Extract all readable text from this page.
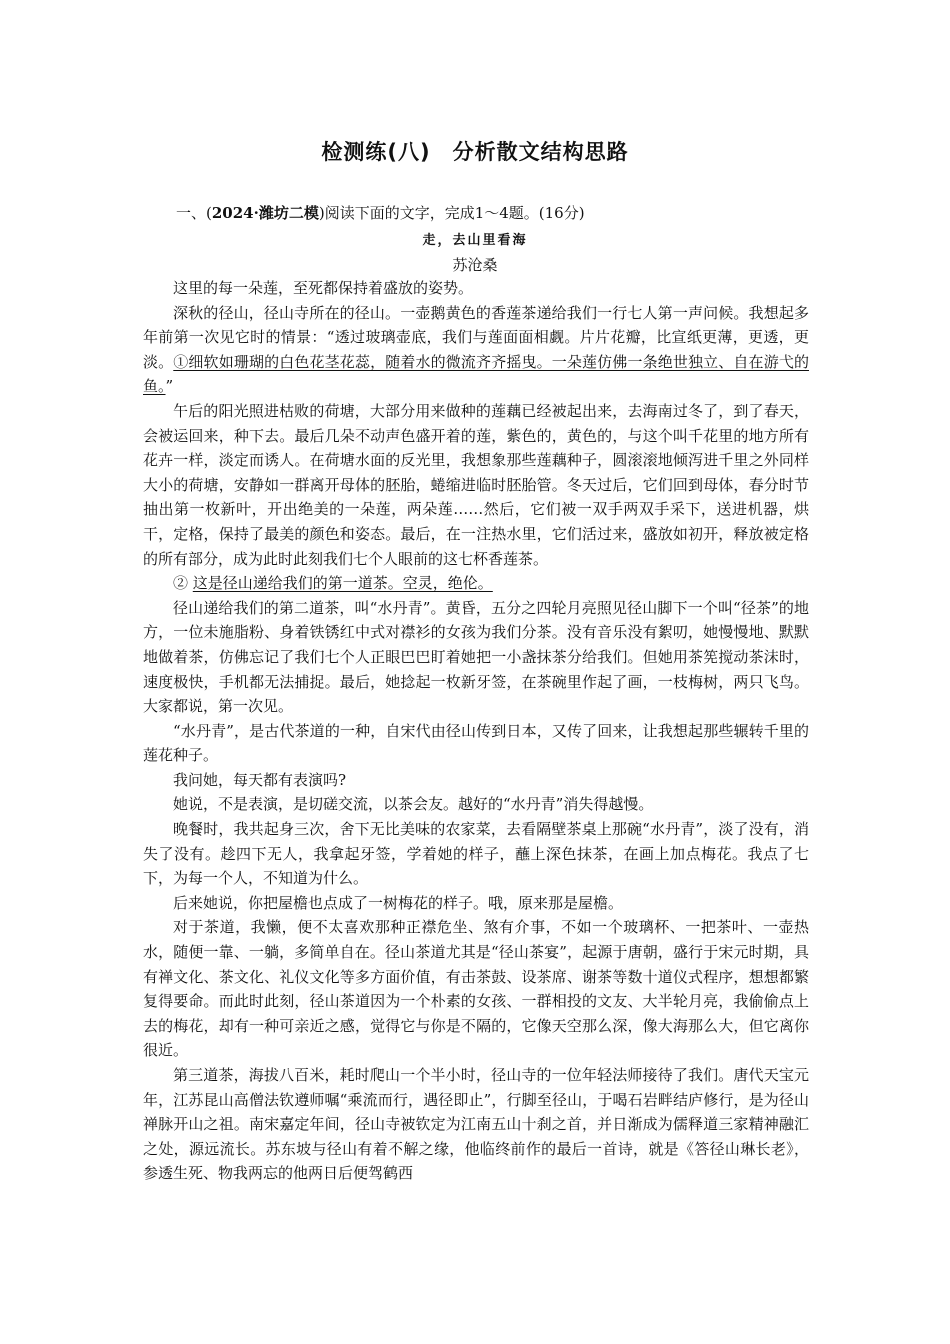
检测练(八)　分析散文结构思路

一、(2024·潍坊二模)阅读下面的文字，完成1～4题。(16分)

走，去山里看海

苏沧桑

这里的每一朵莲，至死都保持着盛放的姿势。

深秋的径山，径山寺所在的径山。一壶鹅黄色的香莲茶递给我们一行七人第一声问候。我想起多年前第一次见它时的情景：“透过玻璃壶底，我们与莲面面相觑。片片花瓣，比宣纸更薄，更透，更淡。①细软如珊瑚的白色花茎花蕊，随着水的微流齐齐摇曳。一朵莲仿佛一条绝世独立、自在游弋的鱼。”

午后的阳光照进枯败的荷塘，大部分用来做种的莲藕已经被起出来，去海南过冬了，到了春天，会被运回来，种下去。最后几朵不动声色盛开着的莲，紫色的，黄色的，与这个叫千花里的地方所有花卉一样，淡定而诱人。在荷塘水面的反光里，我想象那些莲藕种子，圆滚滚地倾泻进千里之外同样大小的荷塘，安静如一群离开母体的胚胎，蜷缩进临时胚胎管。冬天过后，它们回到母体，春分时节抽出第一枚新叶，开出绝美的一朵莲，两朵莲……然后，它们被一双手两双手采下，送进机器，烘干，定格，保持了最美的颜色和姿态。最后，在一注热水里，它们活过来，盛放如初开，释放被定格的所有部分，成为此时此刻我们七个人眼前的这七杯香莲茶。

② 这是径山递给我们的第一道茶。空灵，绝伦。

径山递给我们的第二道茶，叫“水丹青”。黄昏，五分之四轮月亮照见径山脚下一个叫“径茶”的地方，一位未施脂粉、身着铁锈红中式对襟衫的女孩为我们分茶。没有音乐没有絮叨，她慢慢地、默默地做着茶，仿佛忘记了我们七个人正眼巴巴盯着她把一小盏抹茶分给我们。但她用茶筅搅动茶沫时，速度极快，手机都无法捕捉。最后，她捻起一枚新牙签，在茶碗里作起了画，一枝梅树，两只飞鸟。大家都说，第一次见。

“水丹青”，是古代茶道的一种，自宋代由径山传到日本，又传了回来，让我想起那些辗转千里的莲花种子。

我问她，每天都有表演吗?

她说，不是表演，是切磋交流，以茶会友。越好的“水丹青”消失得越慢。

晚餐时，我共起身三次，舍下无比美味的农家菜，去看隔壁茶桌上那碗“水丹青”，淡了没有，消失了没有。趁四下无人，我拿起牙签，学着她的样子，蘸上深色抹茶，在画上加点梅花。我点了七下，为每一个人，不知道为什么。

后来她说，你把屋檐也点成了一树梅花的样子。哦，原来那是屋檐。

对于茶道，我懒，便不太喜欢那种正襟危坐、煞有介事，不如一个玻璃杯、一把茶叶、一壶热水，随便一靠、一躺，多简单自在。径山茶道尤其是“径山茶宴”，起源于唐朝，盛行于宋元时期，具有禅文化、茶文化、礼仪文化等多方面价值，有击茶鼓、设茶席、谢茶等数十道仪式程序，想想都繁复得要命。而此时此刻，径山茶道因为一个朴素的女孩、一群相投的文友、大半轮月亮，我偷偷点上去的梅花，却有一种可亲近之感，觉得它与你是不隔的，它像天空那么深，像大海那么大，但它离你很近。

第三道茶，海拔八百米，耗时爬山一个半小时，径山寺的一位年轻法师接待了我们。唐代天宝元年，江苏昆山高僧法钦遵师嘱“乘流而行，遇径即止”，行脚至径山，于喝石岩畔结庐修行，是为径山禅脉开山之祖。南宋嘉定年间，径山寺被钦定为江南五山十刹之首，并日渐成为儒释道三家精神融汇之处，源远流长。苏东坡与径山有着不解之缘，他临终前作的最后一首诗，就是《答径山琳长老》，参透生死、物我两忘的他两日后便驾鹤西
